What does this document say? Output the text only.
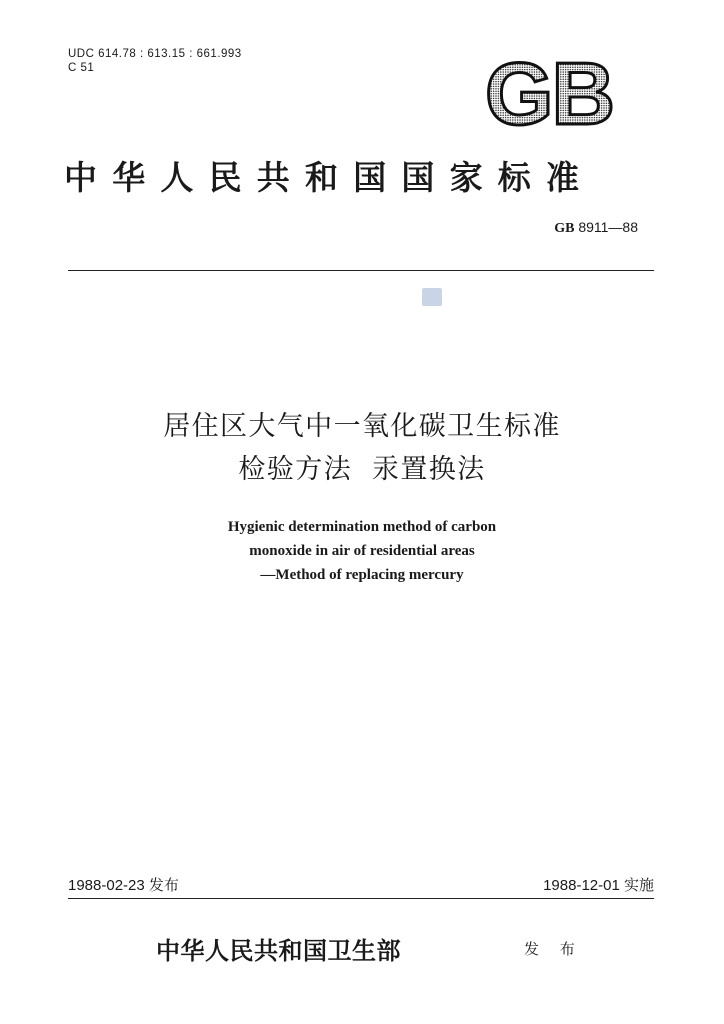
UDC 614.78 : 613.15 : 661.993
C 51	GB
中华人民共和国国家标准
GB 8911—88
居住区大气中一氧化碳卫生标准
检验方法  汞置换法
Hygienic determination method of carbon
monoxide in air of residential areas
—Method of replacing mercury
1988-02-23 发布	1988-12-01 实施
中华人民共和国卫生部	发 布
